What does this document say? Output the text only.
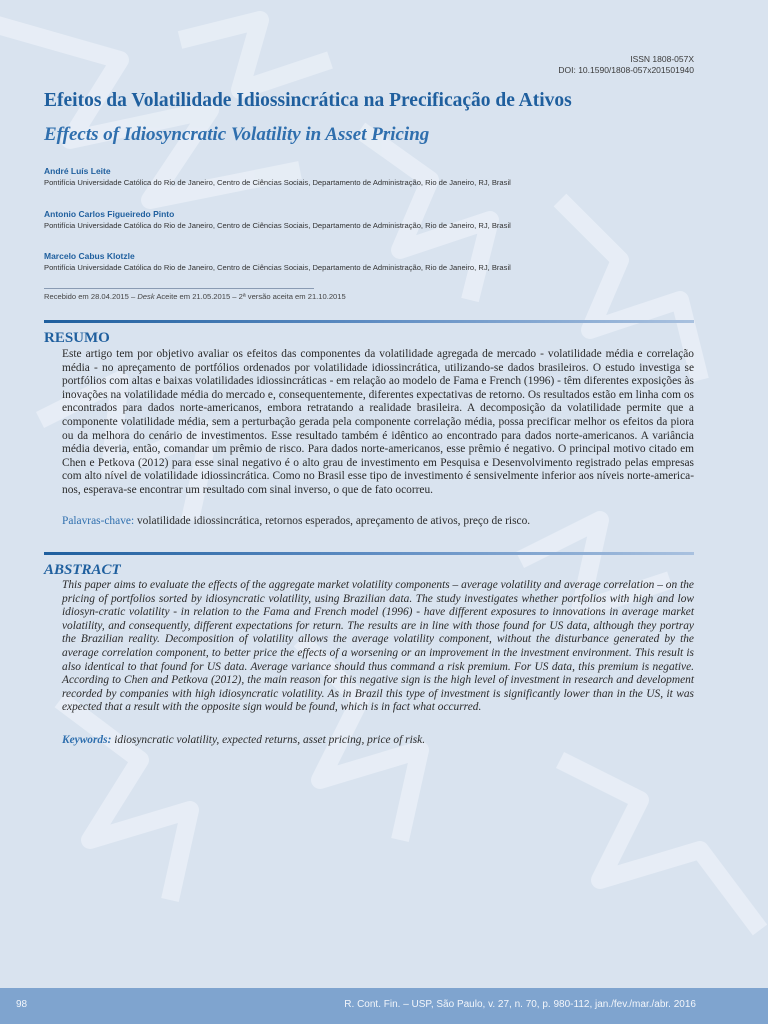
ISSN 1808-057X
DOI: 10.1590/1808-057x201501940
Efeitos da Volatilidade Idiossincrática na Precificação de Ativos
Effects of Idiosyncratic Volatility in Asset Pricing
André Luís Leite
Pontifícia Universidade Católica do Rio de Janeiro, Centro de Ciências Sociais, Departamento de Administração, Rio de Janeiro, RJ, Brasil
Antonio Carlos Figueiredo Pinto
Pontifícia Universidade Católica do Rio de Janeiro, Centro de Ciências Sociais, Departamento de Administração, Rio de Janeiro, RJ, Brasil
Marcelo Cabus Klotzle
Pontifícia Universidade Católica do Rio de Janeiro, Centro de Ciências Sociais, Departamento de Administração, Rio de Janeiro, RJ, Brasil
Recebido em 28.04.2015 – Desk Aceite em 21.05.2015 – 2ª versão aceita em 21.10.2015
RESUMO

Este artigo tem por objetivo avaliar os efeitos das componentes da volatilidade agregada de mercado - volatilidade média e correlação média - no apreçamento de portfólios ordenados por volatilidade idiossincrática, utilizando-se dados brasileiros. O estudo investiga se portfólios com altas e baixas volatilidades idiossincráticas - em relação ao modelo de Fama e French (1996) - têm diferentes exposições às inovações na volatilidade média do mercado e, consequentemente, diferentes expectativas de retorno. Os resultados estão em linha com os encontrados para dados norte-americanos, embora retratando a realidade brasileira. A decomposição da volatilidade permite que a componente volatilidade média, sem a perturbação gerada pela componente correlação média, possa precificar melhor os efeitos da piora ou da melhora do cenário de investimentos. Esse resultado também é idêntico ao encontrado para dados norte-americanos. A variância média deveria, então, comandar um prêmio de risco. Para dados norte-americanos, esse prêmio é negativo. O principal motivo citado em Chen e Petkova (2012) para esse sinal negativo é o alto grau de investimento em Pesquisa e Desenvolvimento registrado pelas empresas com alto nível de volatilidade idiossincrática. Como no Brasil esse tipo de investimento é sensivelmente inferior aos níveis norte-america-nos, esperava-se encontrar um resultado com sinal inverso, o que de fato ocorreu.

Palavras-chave: volatilidade idiossincrática, retornos esperados, apreçamento de ativos, preço de risco.

ABSTRACT

This paper aims to evaluate the effects of the aggregate market volatility components – average volatility and average correlation – on the pricing of portfolios sorted by idiosyncratic volatility, using Brazilian data. The study investigates whether portfolios with high and low idiosyn-cratic volatility - in relation to the Fama and French model (1996) - have different exposures to innovations in average market volatility, and consequently, different expectations for return. The results are in line with those found for US data, although they portray the Brazilian reality. Decomposition of volatility allows the average volatility component, without the disturbance generated by the average correlation component, to better price the effects of a worsening or an improvement in the investment environment. This result is also identical to that found for US data. Average variance should thus command a risk premium. For US data, this premium is negative. According to Chen and Petkova (2012), the main reason for this negative sign is the high level of investment in research and development recorded by companies with high idiosyncratic volatility. As in Brazil this type of investment is significantly lower than in the US, it was expected that a result with the opposite sign would be found, which is in fact what occurred.

Keywords: idiosyncratic volatility, expected returns, asset pricing, price of risk.

98	R. Cont. Fin. – USP, São Paulo, v. 27, n. 70, p. 980-112, jan./fev./mar./abr. 2016
